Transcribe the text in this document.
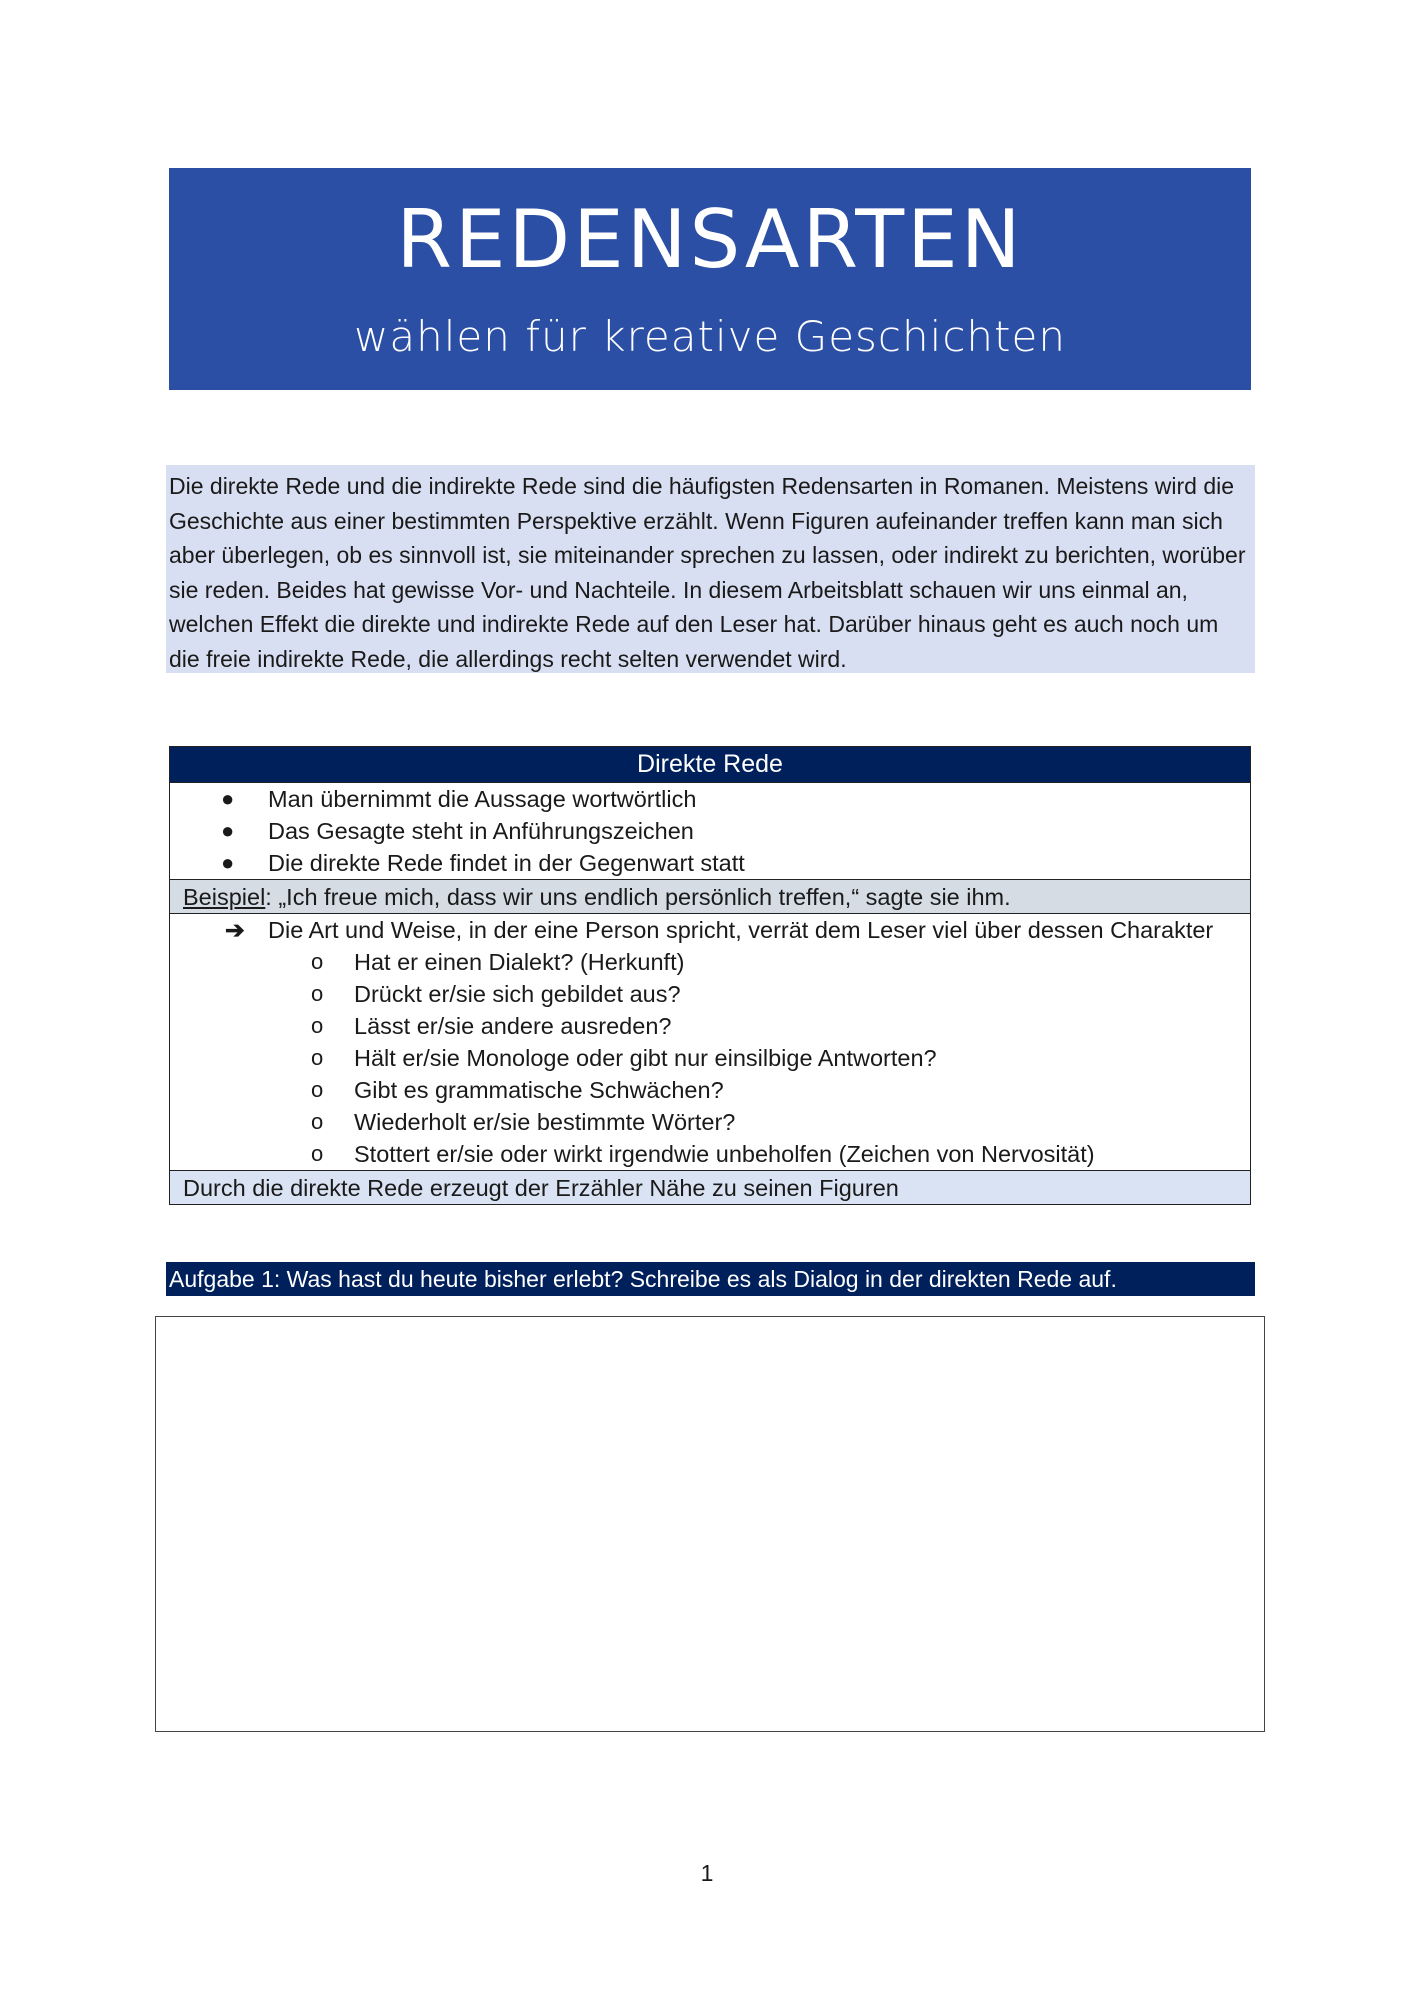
REDENSARTEN
wählen für kreative Geschichten
Die direkte Rede und die indirekte Rede sind die häufigsten Redensarten in Romanen. Meistens wird die Geschichte aus einer bestimmten Perspektive erzählt. Wenn Figuren aufeinander treffen kann man sich aber überlegen, ob es sinnvoll ist, sie miteinander sprechen zu lassen, oder indirekt zu berichten, worüber sie reden. Beides hat gewisse Vor- und Nachteile. In diesem Arbeitsblatt schauen wir uns einmal an, welchen Effekt die direkte und indirekte Rede auf den Leser hat. Darüber hinaus geht es auch noch um die freie indirekte Rede, die allerdings recht selten verwendet wird.
Direkte Rede
● Man übernimmt die Aussage wortwörtlich
● Das Gesagte steht in Anführungszeichen
● Die direkte Rede findet in der Gegenwart statt
Beispiel: „Ich freue mich, dass wir uns endlich persönlich treffen,“ sagte sie ihm.
➔ Die Art und Weise, in der eine Person spricht, verrät dem Leser viel über dessen Charakter
o Hat er einen Dialekt? (Herkunft)
o Drückt er/sie sich gebildet aus?
o Lässt er/sie andere ausreden?
o Hält er/sie Monologe oder gibt nur einsilbige Antworten?
o Gibt es grammatische Schwächen?
o Wiederholt er/sie bestimmte Wörter?
o Stottert er/sie oder wirkt irgendwie unbeholfen (Zeichen von Nervosität)
Durch die direkte Rede erzeugt der Erzähler Nähe zu seinen Figuren
Aufgabe 1: Was hast du heute bisher erlebt? Schreibe es als Dialog in der direkten Rede auf.
1
